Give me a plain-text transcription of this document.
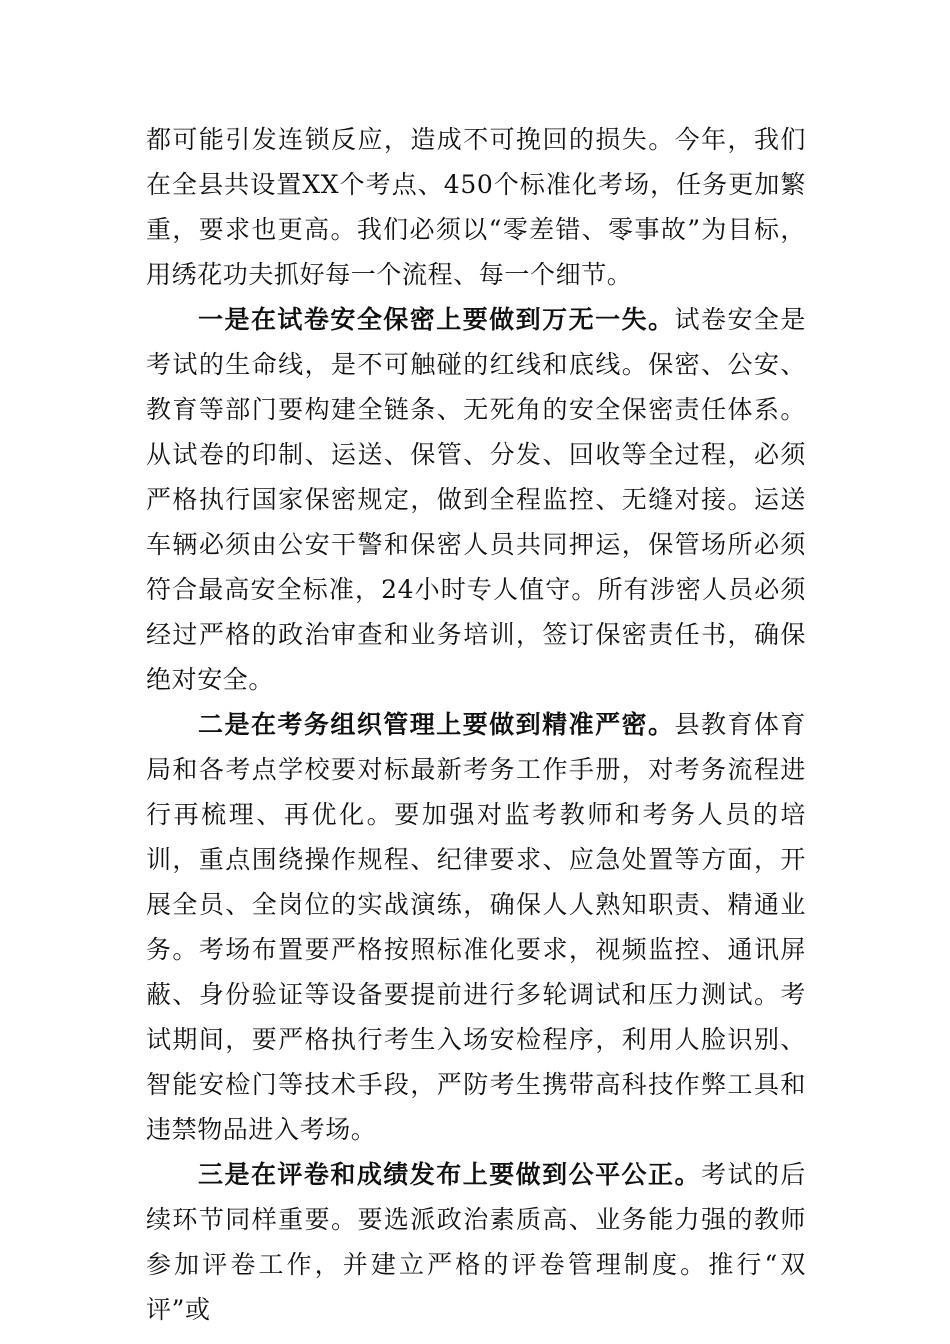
都可能引发连锁反应，造成不可挽回的损失。今年，我们在全县共设置XX个考点、450个标准化考场，任务更加繁重，要求也更高。我们必须以“零差错、零事故”为目标，用绣花功夫抓好每一个流程、每一个细节。

一是在试卷安全保密上要做到万无一失。试卷安全是考试的生命线，是不可触碰的红线和底线。保密、公安、教育等部门要构建全链条、无死角的安全保密责任体系。从试卷的印制、运送、保管、分发、回收等全过程，必须严格执行国家保密规定，做到全程监控、无缝对接。运送车辆必须由公安干警和保密人员共同押运，保管场所必须符合最高安全标准，24小时专人值守。所有涉密人员必须经过严格的政治审查和业务培训，签订保密责任书，确保绝对安全。

二是在考务组织管理上要做到精准严密。县教育体育局和各考点学校要对标最新考务工作手册，对考务流程进行再梳理、再优化。要加强对监考教师和考务人员的培训，重点围绕操作规程、纪律要求、应急处置等方面，开展全员、全岗位的实战演练，确保人人熟知职责、精通业务。考场布置要严格按照标准化要求，视频监控、通讯屏蔽、身份验证等设备要提前进行多轮调试和压力测试。考试期间，要严格执行考生入场安检程序，利用人脸识别、智能安检门等技术手段，严防考生携带高科技作弊工具和违禁物品进入考场。

三是在评卷和成绩发布上要做到公平公正。考试的后续环节同样重要。要选派政治素质高、业务能力强的教师参加评卷工作，并建立严格的评卷管理制度。推行“双评”或
